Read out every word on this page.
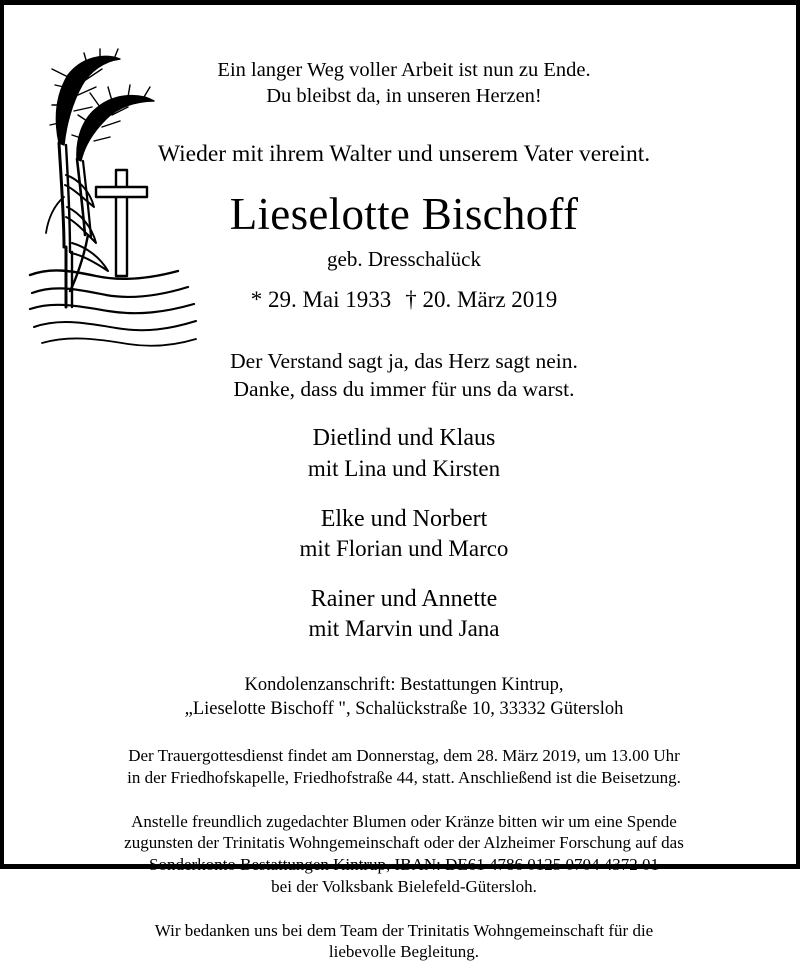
Ein langer Weg voller Arbeit ist nun zu Ende.
Du bleibst da, in unseren Herzen!
Wieder mit ihrem Walter und unserem Vater vereint.
Lieselotte Bischoff
geb. Dresschalück
* 29. Mai 1933 † 20. März 2019
Der Verstand sagt ja, das Herz sagt nein.
Danke, dass du immer für uns da warst.
Dietlind und Klaus
mit Lina und Kirsten
Elke und Norbert
mit Florian und Marco
Rainer und Annette
mit Marvin und Jana
Kondolenzanschrift: Bestattungen Kintrup,
„Lieselotte Bischoff ", Schalückstraße 10, 33332 Gütersloh
Der Trauergottesdienst findet am Donnerstag, dem 28. März 2019, um 13.00 Uhr
in der Friedhofskapelle, Friedhofstraße 44, statt. Anschließend ist die Beisetzung.
Anstelle freundlich zugedachter Blumen oder Kränze bitten wir um eine Spende
zugunsten der Trinitatis Wohngemeinschaft oder der Alzheimer Forschung auf das
Sonderkonto Bestattungen Kintrup, IBAN: DE61 4786 0125 0704 4372 01
bei der Volksbank Bielefeld-Gütersloh.
Wir bedanken uns bei dem Team der Trinitatis Wohngemeinschaft für die
liebevolle Begleitung.
